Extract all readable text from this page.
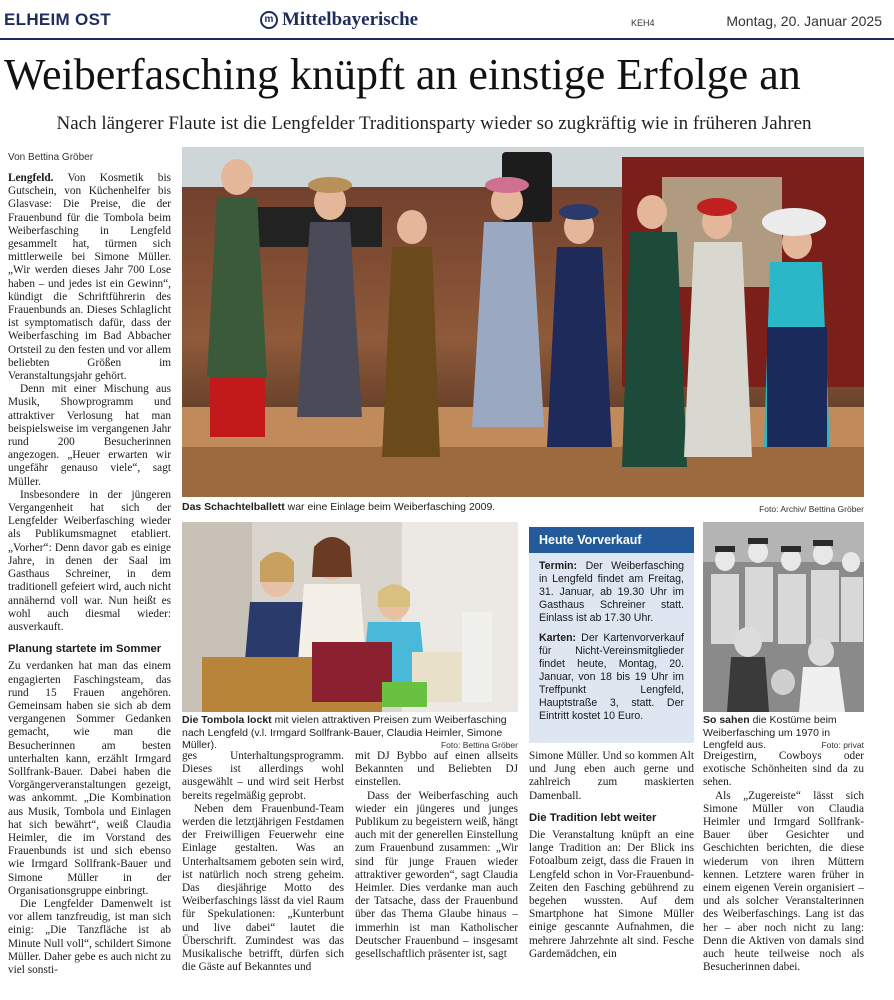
ELHEIM OST	m Mittelbayerische	KEH4	Montag, 20. Januar 2025
Weiberfasching knüpft an einstige Erfolge an
Nach längerer Flaute ist die Lengfelder Traditionsparty wieder so zugkräftig wie in früheren Jahren
Von Bettina Gröber

Lengfeld. Von Kosmetik bis Gutschein, von Küchenhelfer bis Glasvase: Die Preise, die der Frauenbund für die Tombola beim Weiberfasching in Lengfeld gesammelt hat, türmen sich mittlerweile bei Simone Müller. „Wir werden dieses Jahr 700 Lose haben – und jedes ist ein Gewinn“, kündigt die Schriftführerin des Frauenbunds an. Dieses Schlaglicht ist symptomatisch dafür, dass der Weiberfasching im Bad Abbacher Ortsteil zu den festen und vor allem beliebten Größen im Veranstaltungsjahr gehört.

Denn mit einer Mischung aus Musik, Showprogramm und attraktiver Verlosung hat man beispielsweise im vergangenen Jahr rund 200 Besucherinnen angezogen. „Heuer erwarten wir ungefähr genauso viele“, sagt Müller.

Insbesondere in der jüngeren Vergangenheit hat sich der Lengfelder Weiberfasching wieder als Publikumsmagnet etabliert. „Vorher“: Denn davor gab es einige Jahre, in denen der Saal im Gasthaus Schreiner, in dem traditionell gefeiert wird, auch nicht annähernd voll war. Nun heißt es wohl auch diesmal wieder: ausverkauft.

Planung startete im Sommer

Zu verdanken hat man das einem engagierten Faschingsteam, das rund 15 Frauen angehören. Gemeinsam haben sie sich ab dem vergangenen Sommer Gedanken gemacht, wie man die Besucherinnen am besten unterhalten kann, erzählt Irmgard Sollfrank-Bauer. Dabei haben die Vorgängerveranstaltungen gezeigt, was ankommt. „Die Kombination aus Musik, Tombola und Einlagen hat sich bewährt“, weiß Claudia Heimler, die im Vorstand des Frauenbunds ist und sich ebenso wie Irmgard Sollfrank-Bauer und Simone Müller in der Organisationsgruppe einbringt.

Die Lengfelder Damenwelt ist vor allem tanzfreudig, ist man sich einig: „Die Tanzfläche ist ab Minute Null voll“, schildert Simone Müller. Daher gebe es auch nicht zu viel sonsti-

Das Schachtelballett war eine Einlage beim Weiberfasching 2009.	Foto: Archiv/ Bettina Gröber
Die Tombola lockt mit vielen attraktiven Preisen zum Weiberfasching nach Lengfeld (v.l. Irmgard Sollfrank-Bauer, Claudia Heimler, Simone Müller).	Foto: Bettina Gröber
Heute Vorverkauf
Termin: Der Weiberfasching in Lengfeld findet am Freitag, 31. Januar, ab 19.30 Uhr im Gasthaus Schreiner statt. Einlass ist ab 17.30 Uhr.
Karten: Der Kartenvorverkauf für Nicht-Vereinsmitglieder findet heute, Montag, 20. Januar, von 18 bis 19 Uhr im Treffpunkt Lengfeld, Hauptstraße 3, statt. Der Eintritt kostet 10 Euro.	So sahen die Kostüme beim Weiberfasching um 1970 in Lengfeld aus.	Foto: privat

ges Unterhaltungsprogramm. Dieses ist allerdings wohl ausgewählt – und wird seit Herbst bereits regelmäßig geprobt.

Neben dem Frauenbund-Team werden die letztjährigen Festdamen der Freiwilligen Feuerwehr eine Einlage gestalten. Was an Unterhaltsamem geboten sein wird, ist natürlich noch streng geheim. Das diesjährige Motto des Weiberfaschings lässt da viel Raum für Spekulationen: „Kunterbunt und live dabei“ lautet die Überschrift. Zumindest was das Musikalische betrifft, dürfen sich die Gäste auf Bekanntes und

mit DJ Bybbo auf einen allseits Bekannten und Beliebten DJ einstellen.

Dass der Weiberfasching auch wieder ein jüngeres und junges Publikum zu begeistern weiß, hängt auch mit der generellen Einstellung zum Frauenbund zusammen: „Wir sind für junge Frauen wieder attraktiver geworden“, sagt Claudia Heimler. Dies verdanke man auch der Tatsache, dass der Frauenbund über das Thema Glaube hinaus – immerhin ist man Katholischer Deutscher Frauenbund – insgesamt gesellschaftlich präsenter ist, sagt

Simone Müller. Und so kommen Alt und Jung eben auch gerne und zahlreich zum maskierten Damenball.

Die Tradition lebt weiter

Die Veranstaltung knüpft an eine lange Tradition an: Der Blick ins Fotoalbum zeigt, dass die Frauen in Lengfeld schon in Vor-Frauenbund-Zeiten den Fasching gebührend zu begehen wussten. Auf dem Smartphone hat Simone Müller einige gescannte Aufnahmen, die mehrere Jahrzehnte alt sind. Fesche Gardemädchen, ein

Dreigestirn, Cowboys oder exotische Schönheiten sind da zu sehen.

Als „Zugereiste“ lässt sich Simone Müller von Claudia Heimler und Irmgard Sollfrank-Bauer über Gesichter und Geschichten berichten, die diese wiederum von ihren Müttern kennen. Letztere waren früher in einem eigenen Verein organisiert – und als solcher Veranstalterinnen des Weiberfaschings. Lang ist das her – aber noch nicht zu lang: Denn die Aktiven von damals sind auch heute teilweise noch als Besucherinnen dabei.
